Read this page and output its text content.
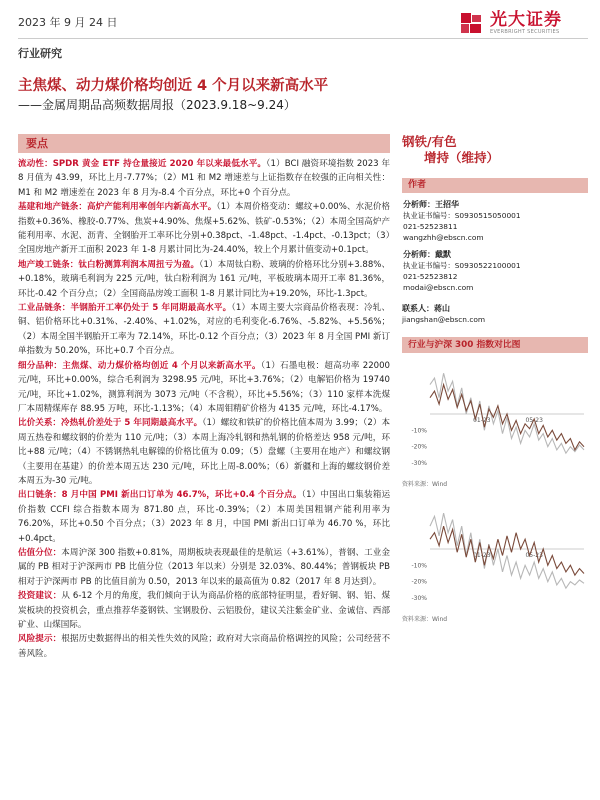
2023 年 9 月 24 日	光大证券
EVERBRIGHT SECURITIES
行业研究
主焦煤、动力煤价格均创近 4 个月以来新高水平
——金属周期品高频数据周报（2023.9.18~9.24）
要点

流动性：SPDR 黄金 ETF 持仓量接近 2020 年以来最低水平。（1）BCI 融资环境指数 2023 年 8 月值为 43.99，环比上月-7.77%；（2）M1 和 M2 增速差与上证指数存在较强的正向相关性：M1 和 M2 增速差在 2023 年 8 月为-8.4 个百分点，环比+0 个百分点。

基建和地产链条：高炉产能利用率创年内新高水平。（1）本周价格变动：螺纹+0.00%、水泥价格指数+0.36%、橡胶-0.77%、焦炭+4.90%、焦煤+5.62%、铁矿-0.53%；（2）本周全国高炉产能利用率、水泥、沥青、全钢胎开工率环比分别+0.38pct、-1.48pct、-1.4pct、-0.13pct；（3）全国房地产新开工面积 2023 年 1-8 月累计同比为-24.40%，较上个月累计值变动+0.1pct。

地产竣工链条：钛白粉测算利润本周扭亏为盈。（1）本周钛白粉、玻璃的价格环比分别+3.88%、+0.18%，玻璃毛利润为 225 元/吨，钛白粉利润为 161 元/吨，平板玻璃本周开工率 81.36%，环比-0.42 个百分点；（2）全国商品房竣工面积 1-8 月累计同比为+19.20%，环比-1.3pct。

工业品链条：半钢胎开工率仍处于 5 年同期最高水平。（1）本周主要大宗商品价格表现：冷轧、铜、铝价格环比+0.31%、-2.40%、+1.02%，对应的毛利变化-6.76%、-5.82%、+5.56%；（2）本周全国半钢胎开工率为 72.14%，环比-0.12 个百分点；（3）2023 年 8 月全国 PMI 新订单指数为 50.20%，环比+0.7 个百分点。

细分品种：主焦煤、动力煤价格均创近 4 个月以来新高水平。（1）石墨电极：超高功率 22000 元/吨，环比+0.00%，综合毛利润为 3298.95 元/吨，环比+3.76%；（2）电解铝价格为 19740 元/吨，环比+1.02%，测算利润为 3073 元/吨（不含税），环比+5.56%；（3）110 家样本洗煤厂本周精煤库存 88.95 万吨，环比-1.13%；（4）本周钼精矿价格为 4135 元/吨，环比-4.17%。

比价关系：冷热轧价差处于 5 年同期最高水平。（1）螺纹和铁矿的价格比值本周为 3.99；（2）本周五热卷和螺纹钢的价差为 110 元/吨；（3）本周上海冷轧钢和热轧钢的价格差达 958 元/吨，环比+88 元/吨；（4）不锈钢热轧电解镍的价格比值为 0.09；（5）盘螺（主要用在地产）和螺纹钢（主要用在基建）的价差本周五达 230 元/吨，环比上周-8.00%；（6）新疆和上海的螺纹钢价差本周五为-30 元/吨。

出口链条：8 月中国 PMI 新出口订单为 46.7%，环比+0.4 个百分点。（1）中国出口集装箱运价指数 CCFI 综合指数本周为 871.80 点，环比-0.39%；（2）本周美国粗钢产能利用率为 76.20%，环比+0.50 个百分点；（3）2023 年 8 月，中国 PMI 新出口订单为 46.70 %，环比+0.4pct。

估值分位：本周沪深 300 指数+0.81%，周期板块表现最佳的是航运（+3.61%），普钢、工业金属的 PB 相对于沪深两市 PB 比值分位（2013 年以来）分别是 32.03%、80.44%；普钢板块 PB 相对于沪深两市 PB 的比值目前为 0.50，2013 年以来的最高值为 0.82（2017 年 8 月达到）。

投资建议：从 6-12 个月的角度，我们倾向于认为商品价格的底部特征明显，看好铜、钢、铝、煤炭板块的投资机会，重点推荐华菱钢铁、宝钢股份、云铝股份，建议关注紫金矿业、金诚信、西部矿业、山煤国际。

风险提示：根据历史数据得出的相关性失效的风险；政府对大宗商品价格调控的风险；公司经营不善风险。

钢铁/有色
增持（维持）
作者
分析师：王招华
执业证书编号：S0930515050001
021-52523811
wangzhh@ebscn.com
分析师：戴默
执业证书编号：S0930522100001
021-52523812
modai@ebscn.com
联系人：蒋山
jiangshan@ebscn.com
行业与沪深 300 指数对比图
-10%
-20%
-30%
01-23	05-23
资料来源：Wind
-10%
-20%
-30%
01-23	05-23
资料来源：Wind
